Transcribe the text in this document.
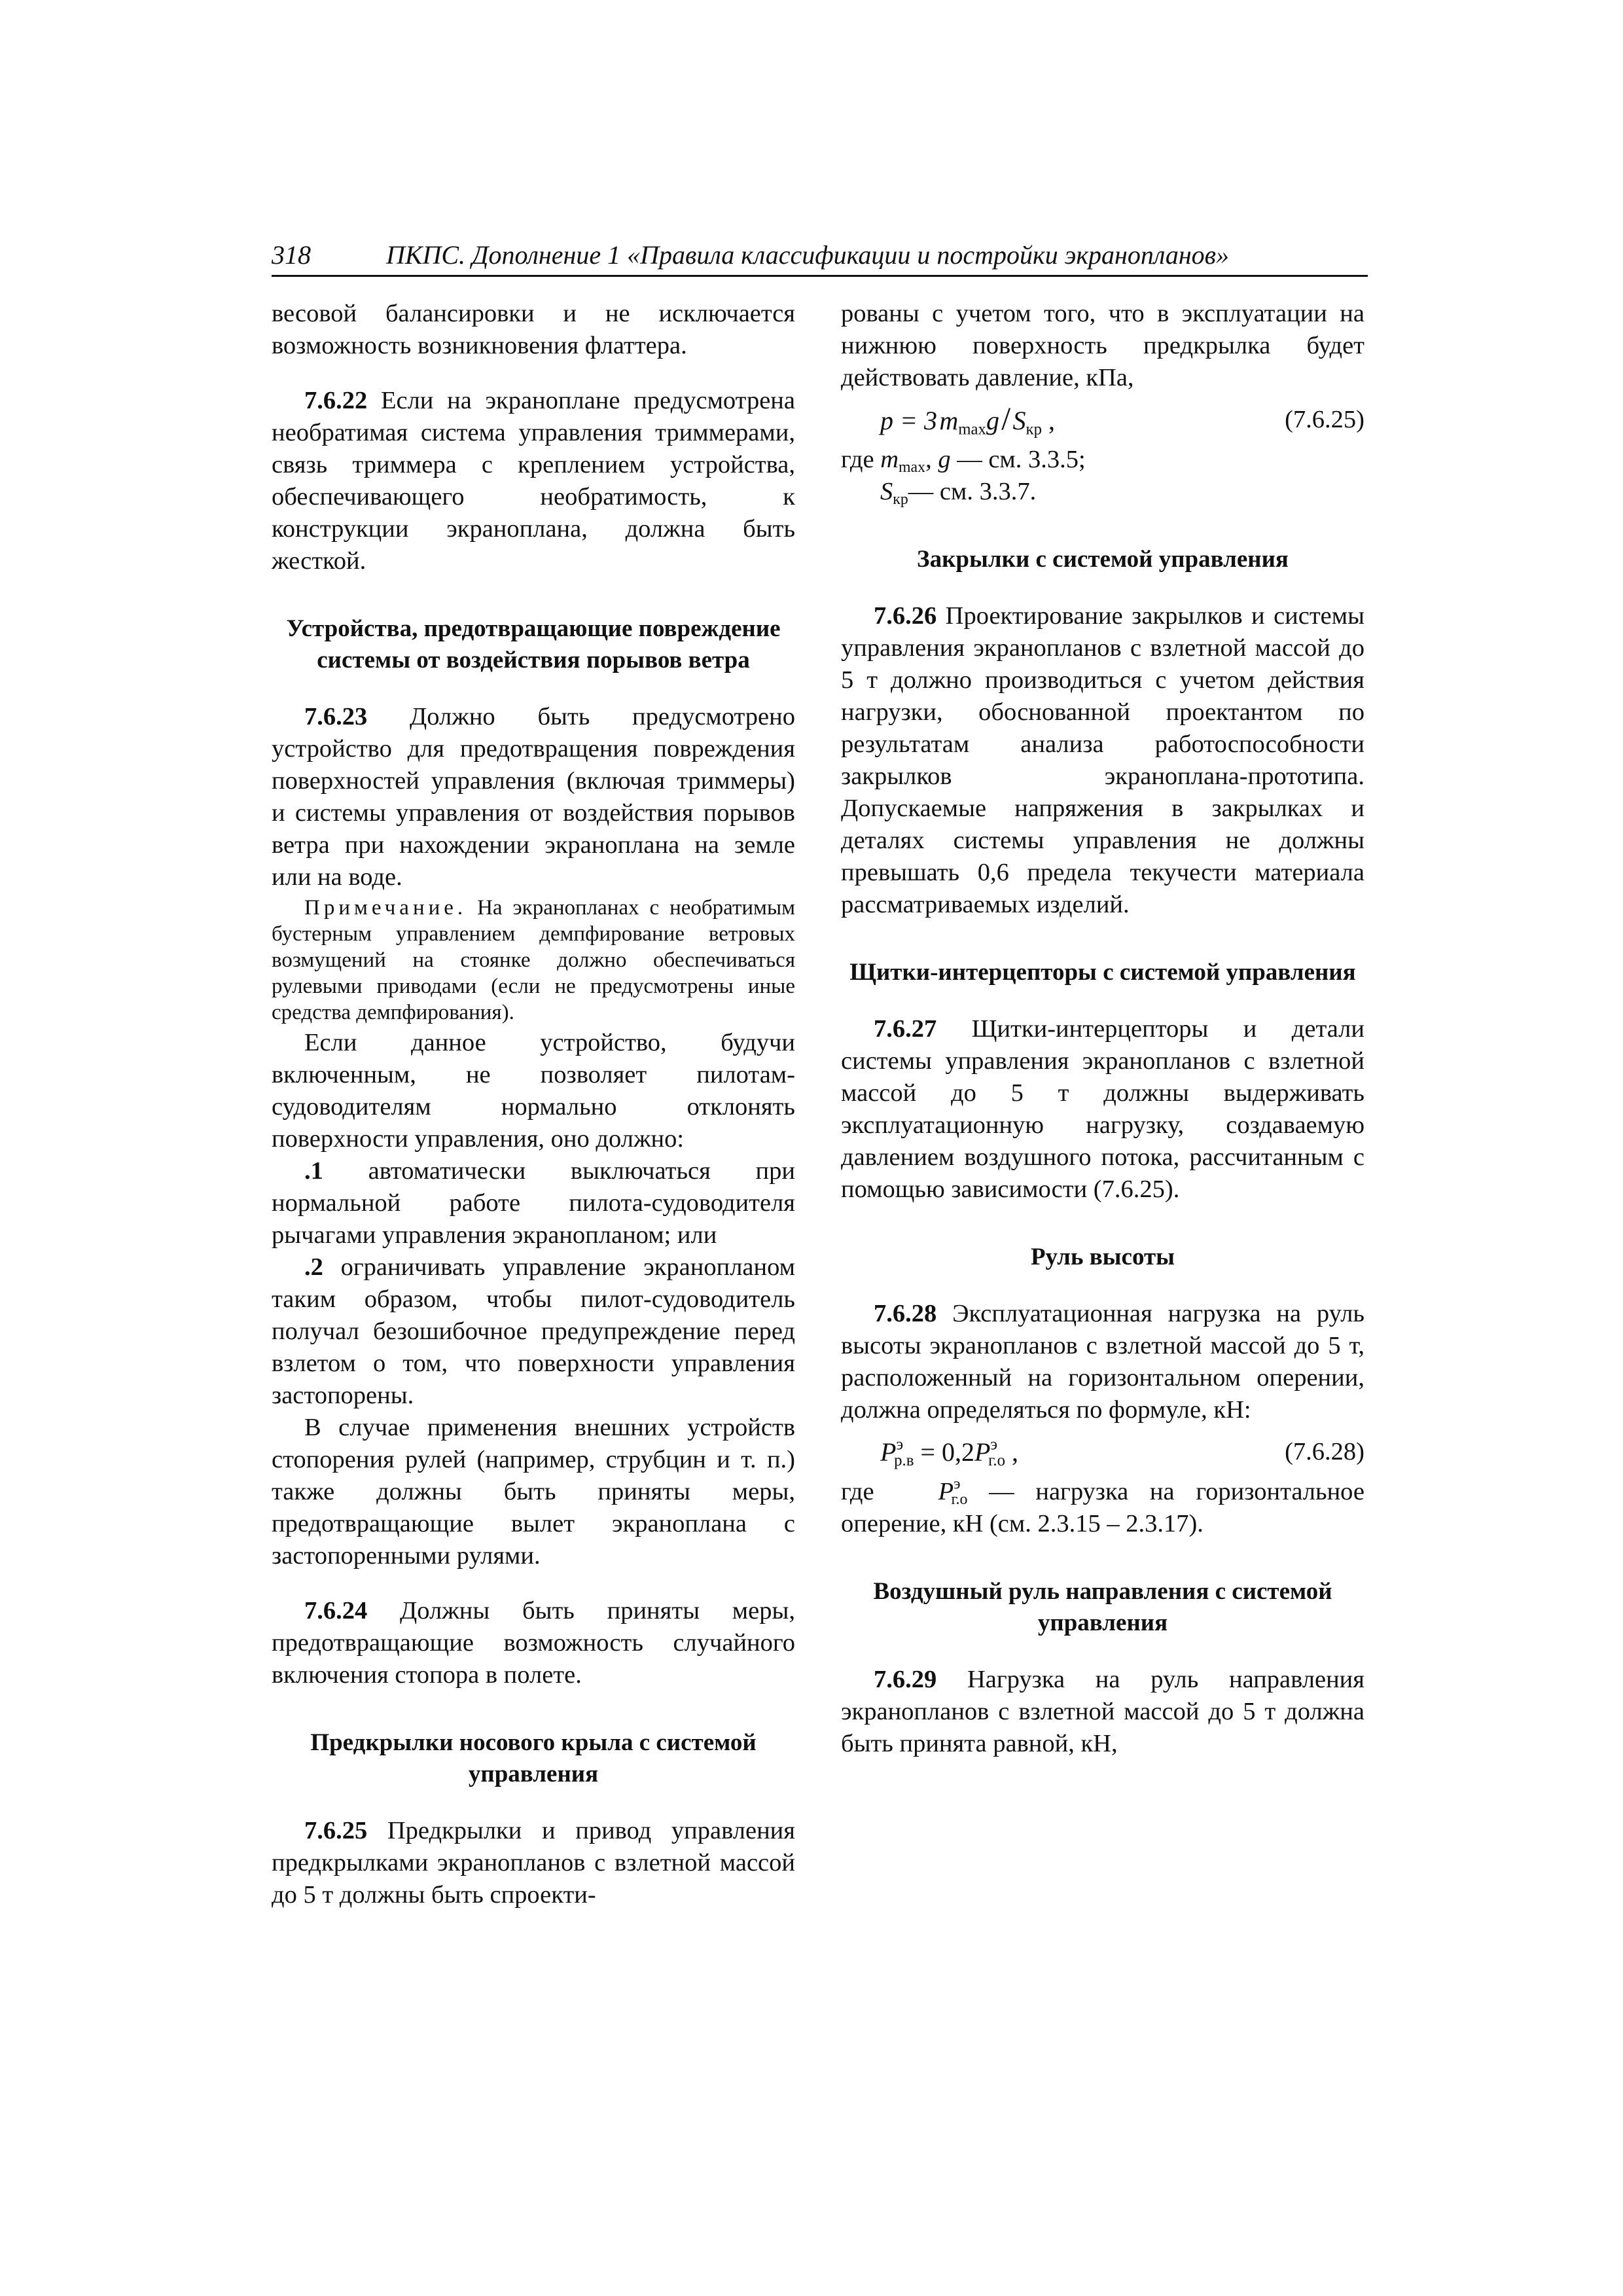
318	ПКПС. Дополнение 1 «Правила классификации и постройки экранопланов»

весовой балансировки и не исключается возможность возникновения флаттера.

7.6.22 Если на экраноплане предусмотрена необратимая система управления триммерами, связь триммера с креплением устройства, обеспечивающего необратимость, к конструкции экраноплана, должна быть жесткой.

Устройства, предотвращающие повреждение системы от воздействия порывов ветра

7.6.23 Должно быть предусмотрено устройство для предотвращения повреждения поверхностей управления (включая триммеры) и системы управления от воздействия порывов ветра при нахождении экраноплана на земле или на воде.

Примечание. На экранопланах с необратимым бустерным управлением демпфирование ветровых возмущений на стоянке должно обеспечиваться рулевыми приводами (если не предусмотрены иные средства демпфирования).

Если данное устройство, будучи включенным, не позволяет пилотам-судоводителям нормально отклонять поверхности управления, оно должно:

.1 автоматически выключаться при нормальной работе пилота-судоводителя рычагами управления экранопланом; или

.2 ограничивать управление экранопланом таким образом, чтобы пилот-судоводитель получал безошибочное предупреждение перед взлетом о том, что поверхности управления застопорены.

В случае применения внешних устройств стопорения рулей (например, струбцин и т. п.) также должны быть приняты меры, предотвращающие вылет экраноплана с застопоренными рулями.

7.6.24 Должны быть приняты меры, предотвращающие возможность случайного включения стопора в полете.

Предкрылки носового крыла с системой управления

7.6.25 Предкрылки и привод управления предкрылками экранопланов с взлетной массой до 5 т должны быть спроекти-

рованы с учетом того, что в эксплуатации на нижнюю поверхность предкрылка будет действовать давление, кПа,

p = 3 $m_{max}g$ / $S_{кр}$ ,	(7.6.25)

где $m_{max}$, g — см. 3.3.5;

$S_{кр}—$ см. 3.3.7.

Закрылки с системой управления

7.6.26 Проектирование закрылков и системы управления экранопланов с взлетной массой до 5 т должно производиться с учетом действия нагрузки, обоснованной проектантом по результатам анализа работоспособности закрылков экраноплана-прототипа. Допускаемые напряжения в закрылках и деталях системы управления не должны превышать 0,6 предела текучести материала рассматриваемых изделий.

Щитки-интерцепторы с системой управления

7.6.27 Щитки-интерцепторы и детали системы управления экранопланов с взлетной массой до 5 т должны выдерживать эксплуатационную нагрузку, создаваемую давлением воздушного потока, рассчитанным с помощью зависимости (7.6.25).

Руль высоты

7.6.28 Эксплуатационная нагрузка на руль высоты экранопланов с взлетной массой до 5 т, расположенный на горизонтальном оперении, должна определяться по формуле, кН:

$P^э_{р.в} = 0,2P^э_{г.о}$ ,	(7.6.28)

где   $P^э_{г.о}$ — нагрузка на горизонтальное оперение, кН (см. 2.3.15 – 2.3.17).

Воздушный руль направления с системой управления

7.6.29 Нагрузка на руль направления экранопланов с взлетной массой до 5 т должна быть принята равной, кН,
